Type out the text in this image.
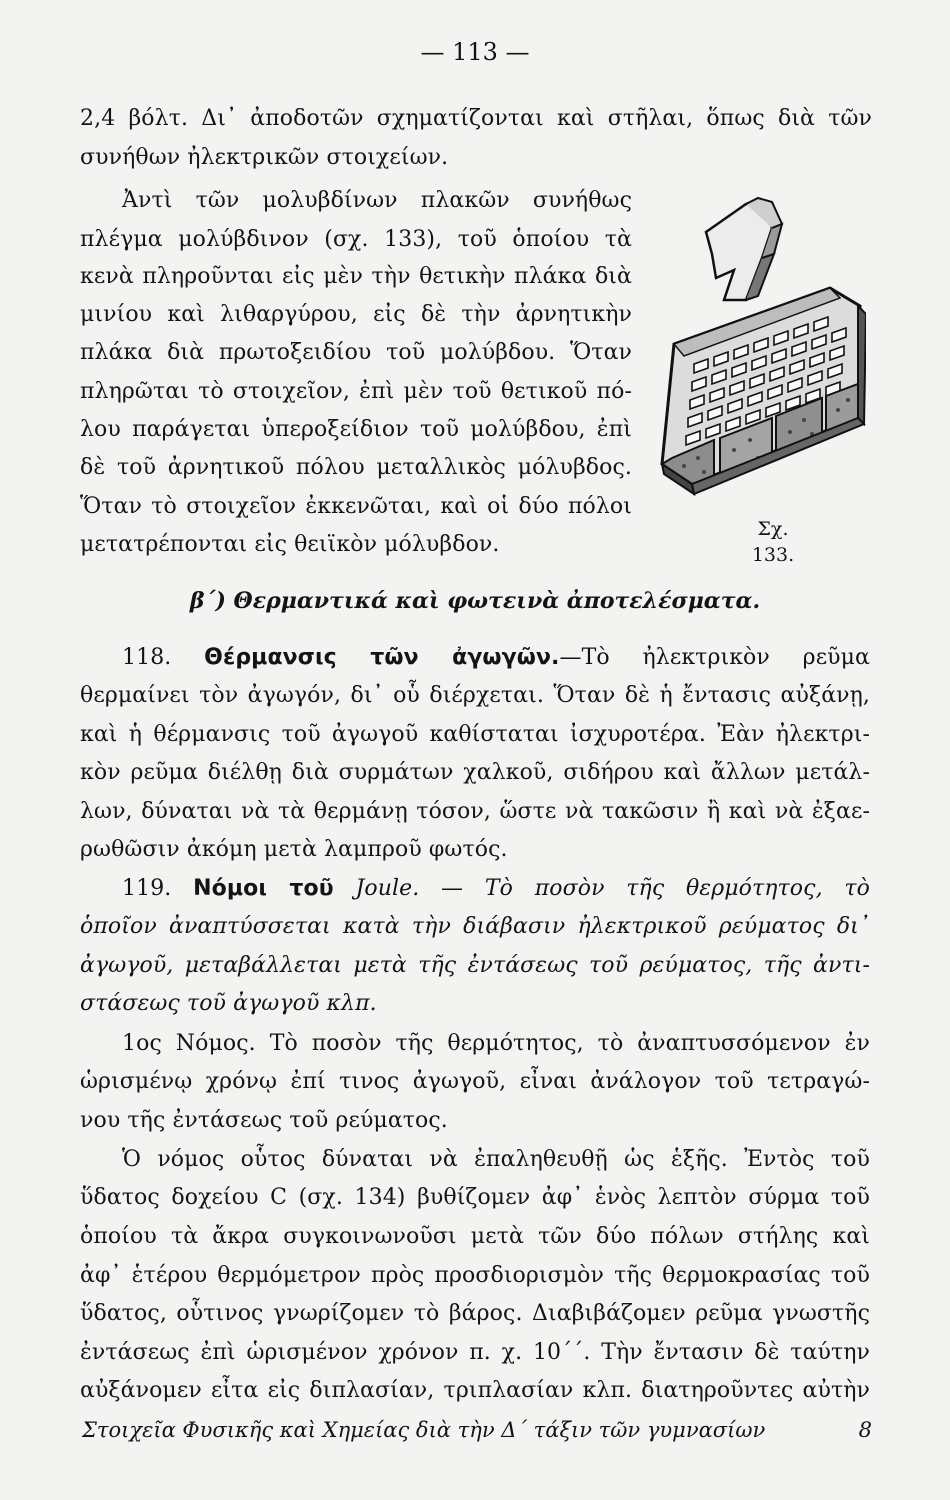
— 113 —
2,4 βόλτ. Δι᾿ ἀποδοτῶν σχηματίζονται καὶ στῆλαι, ὅπως διὰ τῶν
συνήθων ἠλεκτρικῶν στοιχείων.
Ἀντὶ τῶν μολυβδίνων πλακῶν συνήθως
πλέγμα μολύβδινον (σχ. 133), τοῦ ὁποίου τὰ
κενὰ πληροῦνται εἰς μὲν τὴν θετικὴν πλάκα διὰ
μινίου καὶ λιθαργύρου, εἰς δὲ τὴν ἀρνητικὴν
πλάκα διὰ πρωτοξειδίου τοῦ μολύβδου. Ὅταν
πληρῶται τὸ στοιχεῖον, ἐπὶ μὲν τοῦ θετικοῦ πό-
λου παράγεται ὑπεροξείδιον τοῦ μολύβδου, ἐπὶ
δὲ τοῦ ἀρνητικοῦ πόλου μεταλλικὸς μόλυβδος.
Ὅταν τὸ στοιχεῖον ἐκκενῶται, καὶ οἱ δύο πόλοι
μετατρέπονται εἰς θειϊκὸν μόλυβδον.
Σχ. 133.
β΄) Θερμαντικά καὶ φωτεινὰ ἀποτελέσματα.
118. Θέρμανσις τῶν ἀγωγῶν.—Τὸ ἠλεκτρικὸν ρεῦμα
θερμαίνει τὸν ἀγωγόν, δι᾿ οὗ διέρχεται. Ὅταν δὲ ἡ ἔντασις αὐξάνῃ,
καὶ ἡ θέρμανσις τοῦ ἀγωγοῦ καθίσταται ἰσχυροτέρα. Ἐὰν ἠλεκτρι-
κὸν ρεῦμα διέλθῃ διὰ συρμάτων χαλκοῦ, σιδήρου καὶ ἄλλων μετάλ-
λων, δύναται νὰ τὰ θερμάνῃ τόσον, ὥστε νὰ τακῶσιν ἢ καὶ νὰ ἐξαε-
ρωθῶσιν ἀκόμη μετὰ λαμπροῦ φωτός.
119. Νόμοι τοῦ Joule. — Τὸ ποσὸν τῆς θερμότητος, τὸ
ὁποῖον ἀναπτύσσεται κατὰ τὴν διάβασιν ἠλεκτρικοῦ ρεύματος δι᾿
ἀγωγοῦ, μεταβάλλεται μετὰ τῆς ἐντάσεως τοῦ ρεύματος, τῆς ἀντι-
στάσεως τοῦ ἀγωγοῦ κλπ.
1ος Νόμος. Τὸ ποσὸν τῆς θερμότητος, τὸ ἀναπτυσσόμενον ἐν
ὡρισμένῳ χρόνῳ ἐπί τινος ἀγωγοῦ, εἶναι ἀνάλογον τοῦ τετραγώ-
νου τῆς ἐντάσεως τοῦ ρεύματος.
Ὁ νόμος οὗτος δύναται νὰ ἐπαληθευθῇ ὡς ἑξῆς. Ἐντὸς τοῦ
ὕδατος δοχείου C (σχ. 134) βυθίζομεν ἀφ᾿ ἑνὸς λεπτὸν σύρμα τοῦ
ὁποίου τὰ ἄκρα συγκοινωνοῦσι μετὰ τῶν δύο πόλων στήλης καὶ
ἀφ᾿ ἑτέρου θερμόμετρον πρὸς προσδιορισμὸν τῆς θερμοκρασίας τοῦ
ὕδατος, οὗτινος γνωρίζομεν τὸ βάρος. Διαβιβάζομεν ρεῦμα γνωστῆς
ἐντάσεως ἐπὶ ὡρισμένον χρόνον π. χ. 10΄΄. Τὴν ἔντασιν δὲ ταύτην
αὐξάνομεν εἶτα εἰς διπλασίαν, τριπλασίαν κλπ. διατηροῦντες αὐτὴν
Στοιχεῖα Φυσικῆς καὶ Χημείας διὰ τὴν Δ΄ τάξιν τῶν γυμνασίων	8
